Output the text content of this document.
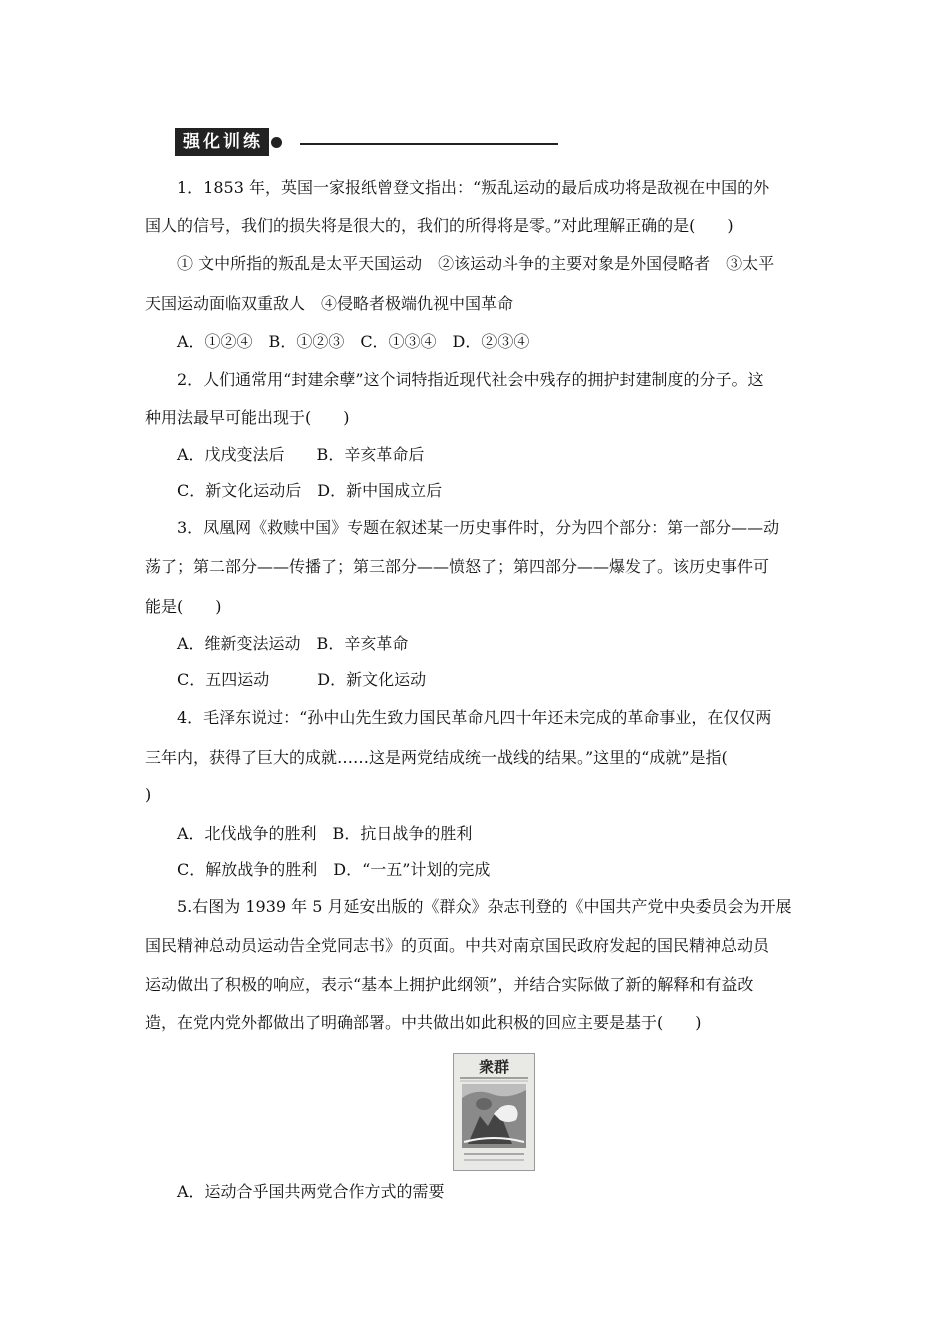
强化训练
1．1853 年，英国一家报纸曾登文指出：“叛乱运动的最后成功将是敌视在中国的外
国人的信号，我们的损失将是很大的，我们的所得将是零。”对此理解正确的是(　　)
① 文中所指的叛乱是太平天国运动　②该运动斗争的主要对象是外国侵略者　③太平
天国运动面临双重敌人　④侵略者极端仇视中国革命
A．①②④　B．①②③　C．①③④　D．②③④
2．人们通常用“封建余孽”这个词特指近现代社会中残存的拥护封建制度的分子。这
种用法最早可能出现于(　　)
A．戊戌变法后　　B．辛亥革命后
C．新文化运动后　D．新中国成立后
3．凤凰网《救赎中国》专题在叙述某一历史事件时，分为四个部分：第一部分——动
荡了；第二部分——传播了；第三部分——愤怒了；第四部分——爆发了。该历史事件可
能是(　　)
A．维新变法运动　B．辛亥革命
C．五四运动　　　D．新文化运动
4．毛泽东说过：“孙中山先生致力国民革命凡四十年还未完成的革命事业，在仅仅两
三年内，获得了巨大的成就……这是两党结成统一战线的结果。”这里的“成就”是指(
)
A．北伐战争的胜利　B．抗日战争的胜利
C．解放战争的胜利　D．“一五”计划的完成
5.右图为 1939 年 5 月延安出版的《群众》杂志刊登的《中国共产党中央委员会为开展
国民精神总动员运动告全党同志书》的页面。中共对南京国民政府发起的国民精神总动员
运动做出了积极的响应，表示“基本上拥护此纲领”，并结合实际做了新的解释和有益改
造，在党内党外都做出了明确部署。中共做出如此积极的回应主要是基于(　　)
衆群
A．运动合乎国共两党合作方式的需要
